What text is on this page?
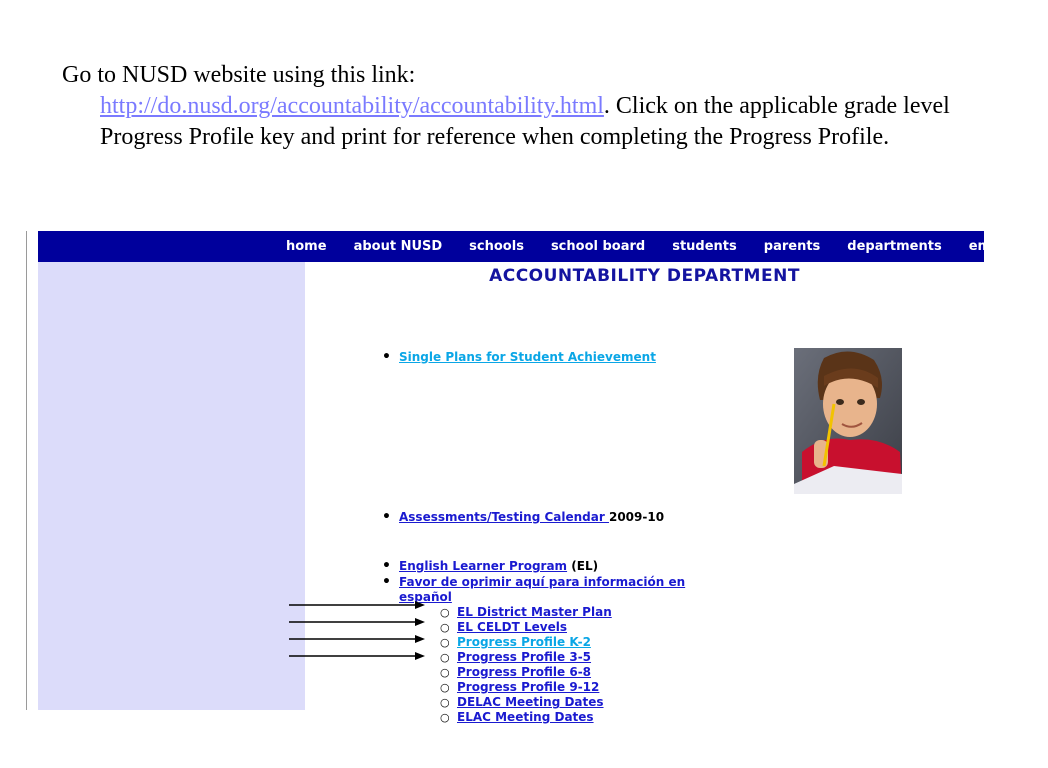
Go to NUSD website using this link:
http://do.nusd.org/accountability/accountability.html. Click on the applicable grade level Progress Profile key and print for reference when completing the Progress Profile.
home about NUSD schools school board students parents departments employees
ACCOUNTABILITY DEPARTMENT
• Single Plans for Student Achievement
• Assessments/Testing Calendar 2009-10
• English Learner Program (EL)
• Favor de oprimir aquí para información en español
○ EL District Master Plan
○ EL CELDT Levels
○ Progress Profile K-2
○ Progress Profile 3-5
○ Progress Profile 6-8
○ Progress Profile 9-12
○ DELAC Meeting Dates
○ ELAC Meeting Dates
